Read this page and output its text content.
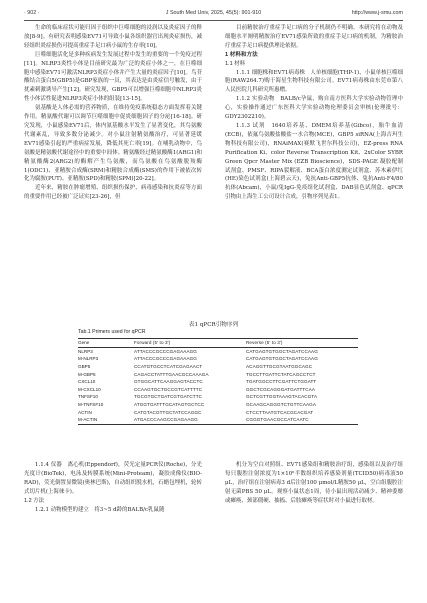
· 902 ·	J South Med Univ, 2025, 45(5): 901-910	http://www.j-smu.com

生命的临床症状可能归因于组织中巨噬细胞的浸润以及炎症因子的释放[8-9]。有研究表明感染EV71可导致小鼠各组织器官出现炎症损伤，减轻组织炎症损伤可提高重症手足口病小鼠的生存率[10]。

巨噬细胞活化是多种疾病发生发展过程中发生的重要的一个免疫过程[11]。NLRP3炎性小体是目前研究最为广泛的炎症小体之一，在巨噬细胞中感染EV71可激活NLRP3炎症小体并产生大量的炎症因子[10]。鸟苷酸结合蛋白5(GBP5)是GBP家族的一员，其表达是由炎症信号触发，由干扰素刺激诱导产生[12]。研究发现，GBP5可以增强巨噬细胞中NLRP3炎性小体活性促进NLRP3炎症小体的组装[13-15]。

氨基酸是人体必需的营养物质，在维持免疫系统稳态方面发挥着关键作用。精氨酸代谢可以调节巨噬细胞中促炎细胞因子的分泌[16-18]。研究发现，小鼠感染EV71后，体内氨基酸水平发生了显著变化，其鸟氨酸代谢紊乱，导致多数分泌减少。对小鼠注射精氨酸治疗，可显著延缓EV71感染引起的严重病症发展，降低其死亡率[19]。在哺乳动物中，鸟氨酸是精氨酸代谢途径中的重要中间体。精氨酸经过精氨酸酶1(ARG1)和精氨酸酶2(ARG2)的酶解产生鸟氨酸，而鸟氨酸在鸟氨酸脱羧酶1(ODC1)、亚精胺合成酶(SRM)和精胺合成酶(SMS)的作用下被依次转化为腐胺(PUT)、亚精胺(SPD)和精胺(SPM)[20-22]。

近年来，精胺在肿瘤增殖、组织损伤保护、病毒感染和抗炎症等方面的重要作用已经被广泛证实[23-26]，但

目前精胺治疗重症手足口病的分子机制仍不明确。本研究将在动物及细胞水平阐明精胺治疗EV71感染所致的重症手足口病的机制，为精胺治疗重症手足口病提供理论依据。

1 材料和方法

1.1 材料

1.1.1 细胞株和EV71病毒株　人单核细胞(THP-1)、小鼠单核巨噬细胞(RAW264.7)购于海星生物科技有限公司。EV71病毒株由东莞市第八人民医院儿科研究所惠赠。

1.1.2 实验动物　BALB/c孕鼠，购自南方医科大学实验动物管理中心，实验操作通过广东医科大学实验动物伦理委员会审核(伦理批号：GDY2302210)。

1.1.3 试剂　1640培养基、DMEM培养基(Gibco)，胎牛血清(ECB)，依氟鸟氨酸盐酸盐一水合物(MCE)，GBP5 siRNA(上海吉玛生物科技有限公司)，RNAiMAX(赛默飞世尔科技公司)，EZ-press RNA Purification Ki、color Reverse Transcription Kit、2xColor SYBR Green Qpcr Master Mix (EZB Bioscience)，SDS-PAGE 凝胶配制试剂盒、PMSF、RIPA裂解液、BCA蛋白浓度测定试剂盒、苏木素伊红(HE)染色试剂盒(上海碧云天)，兔抗Anti-GBP5抗体、兔抗Anti-F4/80抗体(Abcam)，小鼠/兔IgG-免疫组化试剂盒、DAB显色试剂盒、qPCR引物由上海生工公司设计合成，引物序列见表1。

表1 qPCR引物序列

Tab.1 Primers used for qPCR

Gene	Forward (5' to 3')	Reverse (5' to 3')
NLRP3	ATTACCCGCCCGAGAAAGG	CATGAGTGTGGCTAGATCCAAG
M-NLRP3	ATTACCCGCCCGAGAAAGG	CATGAGTGTGGCTAGATCCAAG
GBP5	CCATGTGCCTCATCGAGAACT	ACAGGTTGCGTAATGGCAGC
M-GBP5	CAGACCTATTTGAACGCCAAAGA	TGCCTTGATTCTATCAGCCTCT
CXCL10	GTGGCATTCAAGGAGTACCTC	TGATGGCCTTCGATTCTGGATT
M-CXCL10	CCAAGTGCTGCCGTCATTTTC	GGCTCGCAGGGATGATTTCAA
TNFSF10	TGCGTGCTGATCGTGATCTTC	GCTCGTTGGTAAAGTACACGTA
M-TNFSF10	ATGGTGATTTGCATAGTGCTCC	GCAAGCAGGGTCTGTTCAAGA
ACTIN	CATGTACGTTGCTATCCAGGC	CTCCTTAATGTCACGCACGAT
M-ACTIN	ATGACCCAAGCCGAGAAGG	CGGGTGAACGCCATCAATC

1.1.4 仪器　离心机(Eppendorf)，荧光定量PCR仪(Roche)，分光光度计(BioTek)，电泳及转膜系统(Mini-Proteam)，凝胶成像仪(BIO-RAD)，荧光倒置显微镜(奥林巴斯)，自动组织脱水机，石蜡包埋机，轮转式切片机(上海徕卡)。

1.2 方法

1.2.1 动物模型的建立　将3~5 d龄的BALB/c乳鼠随

机分为空白对照组、EV71感染组和精胺治疗组，感染组以及治疗组每只腹腔注射浓度为1×10⁶半数组织培养感染剂量(TCID50)病毒液50 μL，治疗组在注射病毒3 d后注射100 μmol/L精胺50 μL，空白组腹腔注射无菌PBS 50 μL。观察小鼠状态1周，待小鼠出现活动减少、精神委靡或瘫痪、颈部僵硬、抽搐、后肢瘫痪等症状时对小鼠进行取材。
